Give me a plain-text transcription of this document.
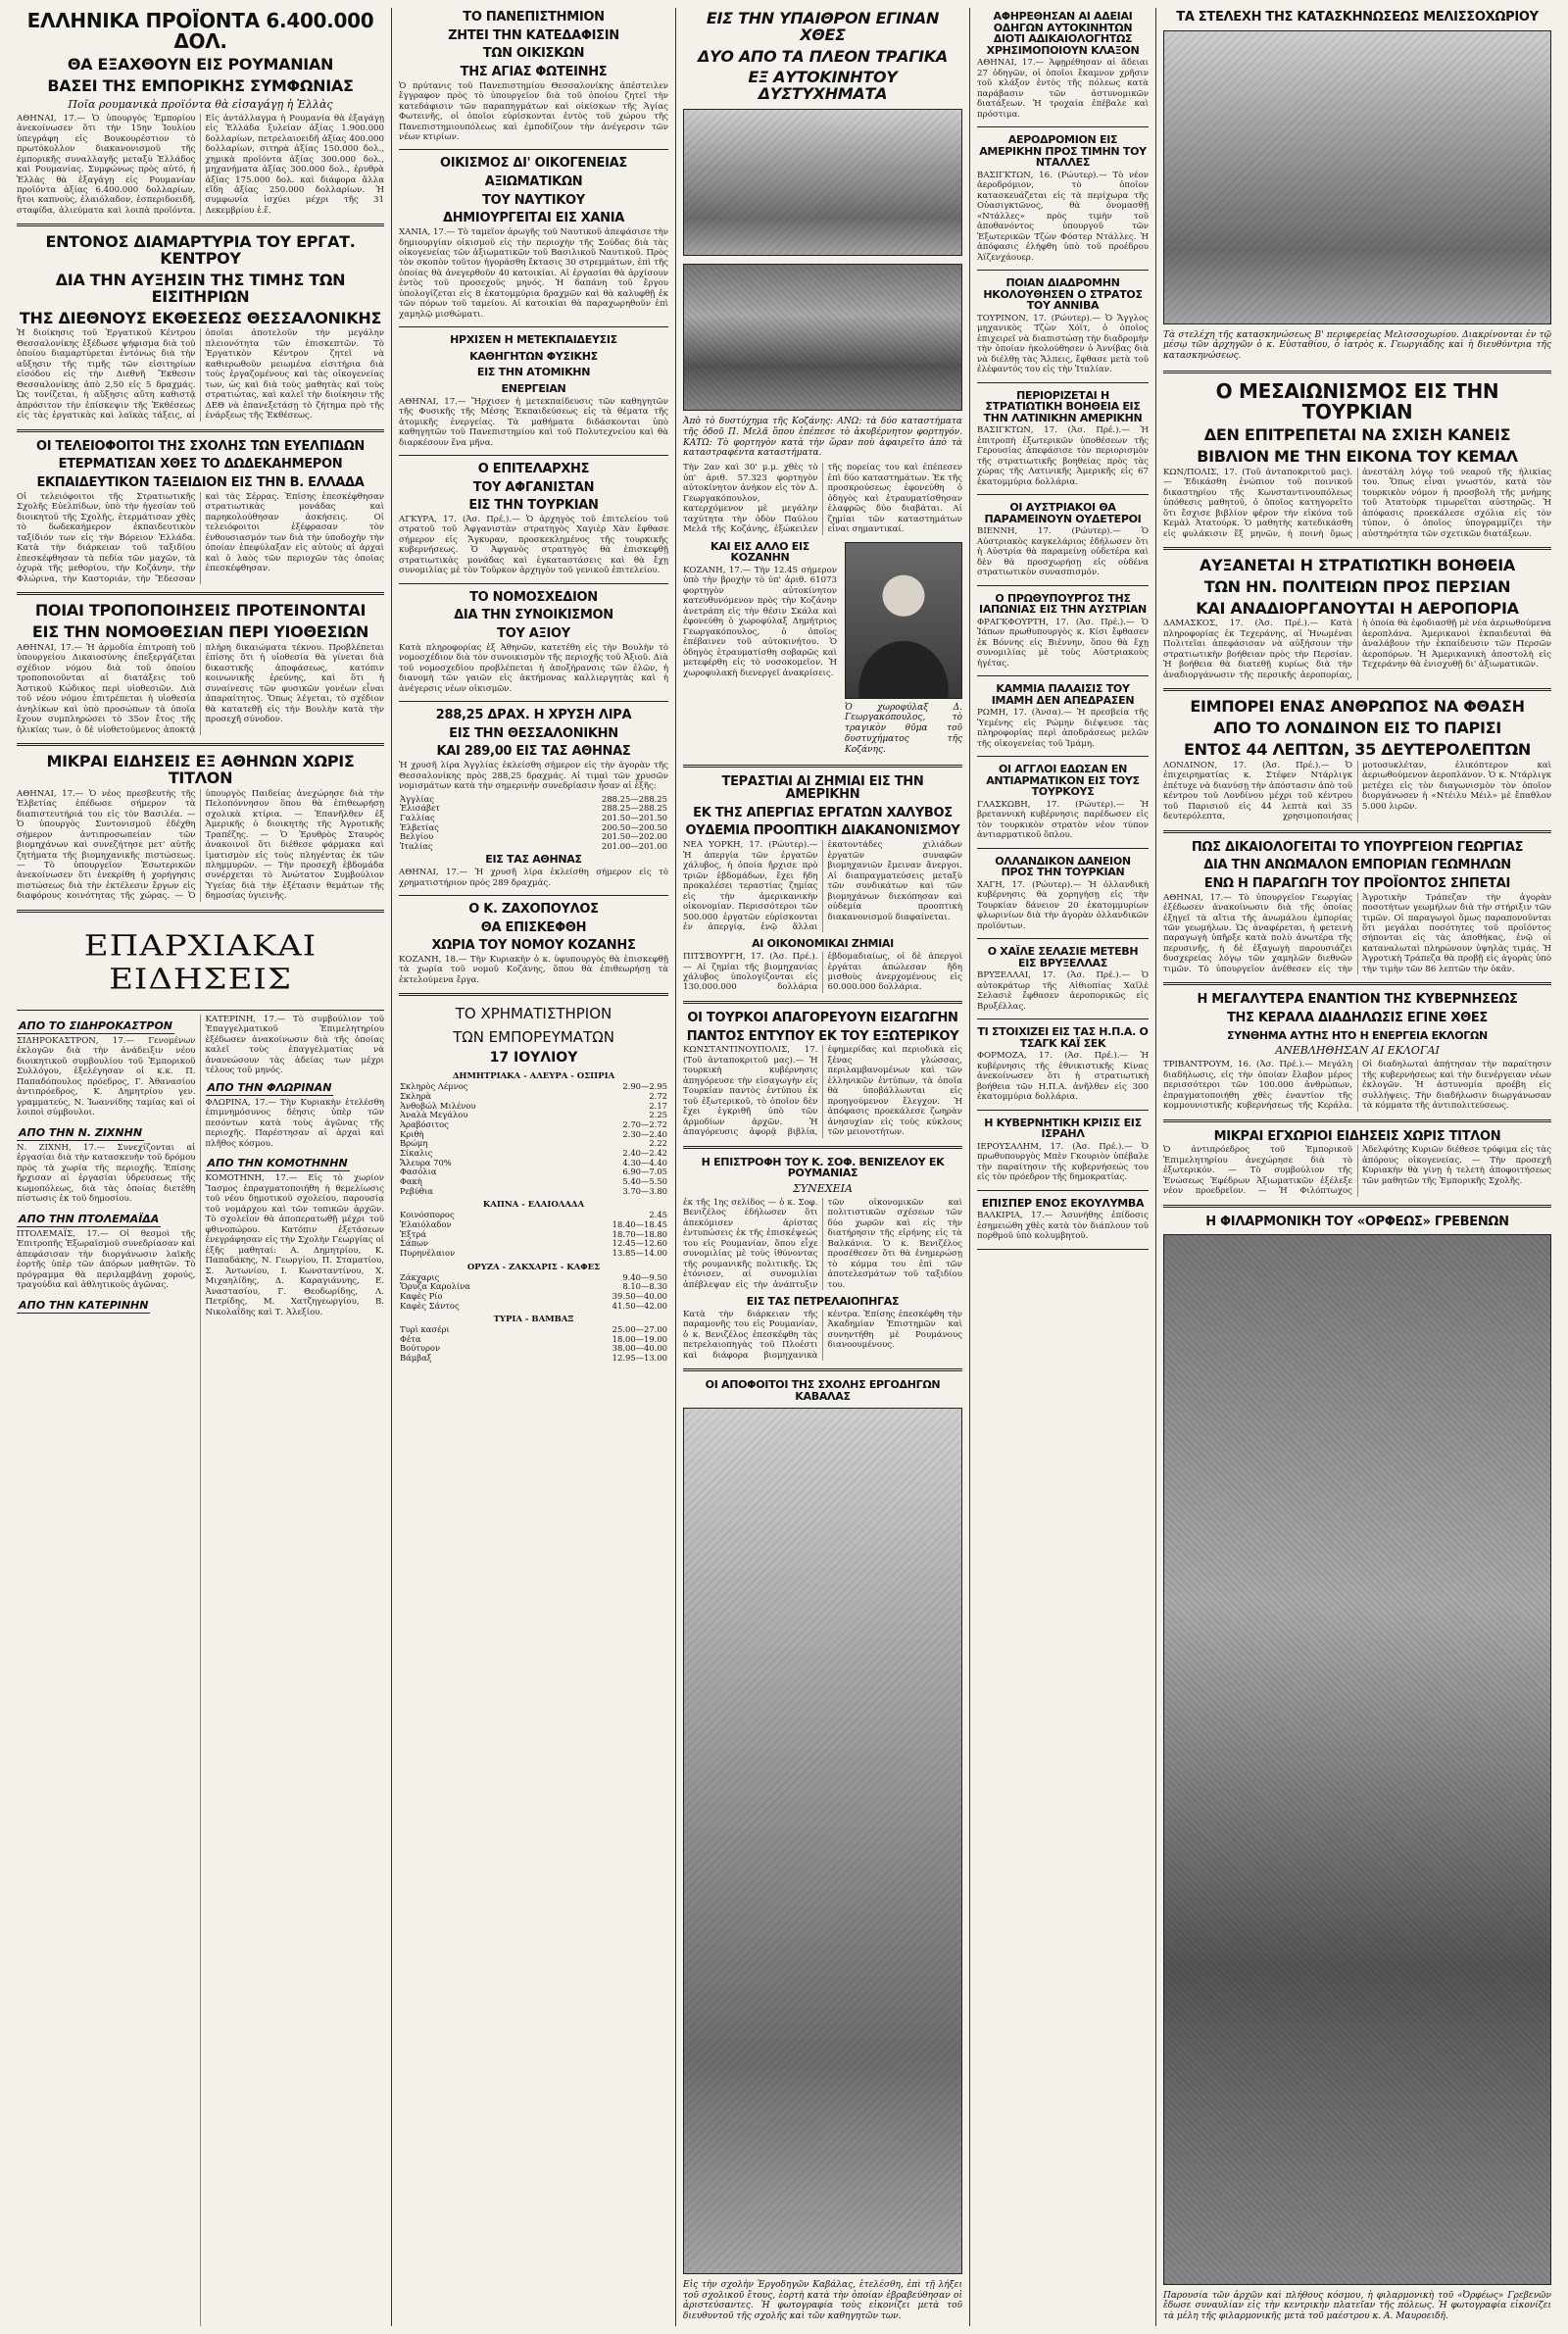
ΕΛΛΗΝΙΚΑ ΠΡΟΪΟΝΤΑ 6.400.000 ΔΟΛ.
ΘΑ ΕΞΑΧΘΟΥΝ ΕΙΣ ΡΟΥΜΑΝΙΑΝ
ΒΑΣΕΙ ΤΗΣ ΕΜΠΟΡΙΚΗΣ ΣΥΜΦΩΝΙΑΣ
Ποῖα ρουμανικὰ προϊόντα θὰ εἰσαγάγῃ ἡ Ἑλλὰς

ΑΘΗΝΑΙ, 17.— Ὁ ὑπουργὸς Ἐμπορίου ἀνεκοίνωσεν ὅτι τὴν 15ην Ἰουλίου ὑπεγράφη εἰς Βουκουρέστιον τὸ πρωτόκολλον διακανονισμοῦ τῆς ἐμπορικῆς συναλλαγῆς μεταξὺ Ἑλλάδος καὶ Ρουμανίας. Συμφώνως πρὸς αὐτό, ἡ Ἑλλὰς θὰ ἐξαγάγῃ εἰς Ρουμανίαν προϊόντα ἀξίας 6.400.000 δολλαρίων, ἤτοι καπνοὺς, ἐλαιόλαδον, ἐσπεριδοειδῆ, σταφίδα, ἀλιεύματα καὶ λοιπὰ προϊόντα. Εἰς ἀντάλλαγμα ἡ Ρουμανία θὰ ἐξαγάγῃ εἰς Ἑλλάδα ξυλείαν ἀξίας 1.900.000 δολλαρίων, πετρελαιοειδῆ ἀξίας 400.000 δολλαρίων, σιτηρὰ ἀξίας 150.000 δολ., χημικὰ προϊόντα ἀξίας 300.000 δολ., μηχανήματα ἀξίας 300.000 δολ., ἐρυθρὰ ἀξίας 175.000 δολ. καὶ διάφορα ἄλλα εἴδη ἀξίας 250.000 δολλαρίων. Ἡ συμφωνία ἰσχύει μέχρι τῆς 31 Δεκεμβρίου ἐ.ἔ.

ΕΝΤΟΝΟΣ ΔΙΑΜΑΡΤΥΡΙΑ ΤΟΥ ΕΡΓΑΤ. ΚΕΝΤΡΟΥ
ΔΙΑ ΤΗΝ ΑΥΞΗΣΙΝ ΤΗΣ ΤΙΜΗΣ ΤΩΝ ΕΙΣΙΤΗΡΙΩΝ
ΤΗΣ ΔΙΕΘΝΟΥΣ ΕΚΘΕΣΕΩΣ ΘΕΣΣΑΛΟΝΙΚΗΣ

Ἡ διοίκησις τοῦ Ἐργατικοῦ Κέντρου Θεσσαλονίκης ἐξέδωσε ψήφισμα διὰ τοῦ ὁποίου διαμαρτύρεται ἐντόνως διὰ τὴν αὔξησιν τῆς τιμῆς τῶν εἰσιτηρίων εἰσόδου εἰς τὴν Διεθνῆ Ἔκθεσιν Θεσσαλονίκης ἀπὸ 2,50 εἰς 5 δραχμάς. Ὡς τονίζεται, ἡ αὔξησις αὕτη καθιστᾷ ἀπρόσιτον τὴν ἐπίσκεψιν τῆς Ἐκθέσεως εἰς τὰς ἐργατικὰς καὶ λαϊκὰς τάξεις, αἱ ὁποῖαι ἀποτελοῦν τὴν μεγάλην πλειονότητα τῶν ἐπισκεπτῶν. Τὸ Ἐργατικὸν Κέντρον ζητεῖ νὰ καθιερωθοῦν μειωμένα εἰσιτήρια διὰ τοὺς ἐργαζομένους καὶ τὰς οἰκογενείας των, ὡς καὶ διὰ τοὺς μαθητὰς καὶ τοὺς στρατιώτας, καὶ καλεῖ τὴν διοίκησιν τῆς ΔΕΘ νὰ ἐπανεξετάσῃ τὸ ζήτημα πρὸ τῆς ἐνάρξεως τῆς Ἐκθέσεως.

ΟΙ ΤΕΛΕΙΟΦΟΙΤΟΙ ΤΗΣ ΣΧΟΛΗΣ ΤΩΝ ΕΥΕΛΠΙΔΩΝ
ΕΤΕΡΜΑΤΙΣΑΝ ΧΘΕΣ ΤΟ ΔΩΔΕΚΑΗΜΕΡΟΝ
ΕΚΠΑΙΔΕΥΤΙΚΟΝ ΤΑΞΕΙΔΙΟΝ ΕΙΣ ΤΗΝ Β. ΕΛΛΑΔΑ

Οἱ τελειόφοιτοι τῆς Στρατιωτικῆς Σχολῆς Εὐελπίδων, ὑπὸ τὴν ἡγεσίαν τοῦ διοικητοῦ τῆς Σχολῆς, ἐτερμάτισαν χθὲς τὸ δωδεκαήμερον ἐκπαιδευτικὸν ταξίδιόν των εἰς τὴν Βόρειον Ἑλλάδα. Κατὰ τὴν διάρκειαν τοῦ ταξιδίου ἐπεσκέφθησαν τὰ πεδία τῶν μαχῶν, τὰ ὀχυρὰ τῆς μεθορίου, τὴν Κοζάνην, τὴν Φλώρινα, τὴν Καστοριάν, τὴν Ἔδεσσαν καὶ τὰς Σέρρας. Ἐπίσης ἐπεσκέφθησαν στρατιωτικὰς μονάδας καὶ παρηκολούθησαν ἀσκήσεις. Οἱ τελειόφοιτοι ἐξέφρασαν τὸν ἐνθουσιασμόν των διὰ τὴν ὑποδοχὴν τὴν ὁποίαν ἐπεφύλαξαν εἰς αὐτοὺς αἱ ἀρχαὶ καὶ ὁ λαὸς τῶν περιοχῶν τὰς ὁποίας ἐπεσκέφθησαν.

ΠΟΙΑΙ ΤΡΟΠΟΠΟΙΗΣΕΙΣ ΠΡΟΤΕΙΝΟΝΤΑΙ
ΕΙΣ ΤΗΝ ΝΟΜΟΘΕΣΙΑΝ ΠΕΡΙ ΥΙΟΘΕΣΙΩΝ

ΑΘΗΝΑΙ, 17.— Ἡ ἁρμοδία ἐπιτροπὴ τοῦ ὑπουργείου Δικαιοσύνης ἐπεξεργάζεται σχέδιον νόμου διὰ τοῦ ὁποίου τροποποιοῦνται αἱ διατάξεις τοῦ Ἀστικοῦ Κώδικος περὶ υἱοθεσιῶν. Διὰ τοῦ νέου νόμου ἐπιτρέπεται ἡ υἱοθεσία ἀνηλίκων καὶ ὑπὸ προσώπων τὰ ὁποῖα ἔχουν συμπληρώσει τὸ 35ον ἔτος τῆς ἡλικίας των, ὁ δὲ υἱοθετούμενος ἀποκτᾷ πλήρη δικαιώματα τέκνου. Προβλέπεται ἐπίσης ὅτι ἡ υἱοθεσία θὰ γίνεται διὰ δικαστικῆς ἀποφάσεως, κατόπιν κοινωνικῆς ἐρεύνης, καὶ ὅτι ἡ συναίνεσις τῶν φυσικῶν γονέων εἶναι ἀπαραίτητος. Ὅπως λέγεται, τὸ σχέδιον θὰ κατατεθῇ εἰς τὴν Βουλὴν κατὰ τὴν προσεχῆ σύνοδον.

ΜΙΚΡΑΙ ΕΙΔΗΣΕΙΣ ΕΞ ΑΘΗΝΩΝ ΧΩΡΙΣ ΤΙΤΛΟΝ

ΑΘΗΝΑΙ, 17.— Ὁ νέος πρεσβευτὴς τῆς Ἑλβετίας ἐπέδωσε σήμερον τὰ διαπιστευτήριά του εἰς τὸν Βασιλέα. — Ὁ ὑπουργὸς Συντονισμοῦ ἐδέχθη σήμερον ἀντιπροσωπείαν τῶν βιομηχάνων καὶ συνεζήτησε μετ' αὐτῆς ζητήματα τῆς βιομηχανικῆς πιστώσεως. — Τὸ ὑπουργεῖον Ἐσωτερικῶν ἀνεκοίνωσεν ὅτι ἐνεκρίθη ἡ χορήγησις πιστώσεως διὰ τὴν ἐκτέλεσιν ἔργων εἰς διαφόρους κοινότητας τῆς χώρας. — Ὁ ὑπουργὸς Παιδείας ἀνεχώρησε διὰ τὴν Πελοπόννησον ὅπου θὰ ἐπιθεωρήσῃ σχολικὰ κτίρια. — Ἐπανῆλθεν ἐξ Ἀμερικῆς ὁ διοικητὴς τῆς Ἀγροτικῆς Τραπέζης. — Ὁ Ἐρυθρὸς Σταυρὸς ἀνακοινοῖ ὅτι διέθεσε φάρμακα καὶ ἰματισμὸν εἰς τοὺς πληγέντας ἐκ τῶν πλημμυρῶν. — Τὴν προσεχῆ ἑβδομάδα συνέρχεται τὸ Ἀνώτατον Συμβούλιον Ὑγείας διὰ τὴν ἐξέτασιν θεμάτων τῆς δημοσίας ὑγιεινῆς.

ΕΠΑΡΧΙΑΚΑΙ ΕΙΔΗΣΕΙΣ
ΑΠΟ ΤΟ ΣΙΔΗΡΟΚΑΣΤΡΟΝ

ΣΙΔΗΡΟΚΑΣΤΡΟΝ, 17.— Γενομένων ἐκλογῶν διὰ τὴν ἀνάδειξιν νέου διοικητικοῦ συμβουλίου τοῦ Ἐμπορικοῦ Συλλόγου, ἐξελέγησαν οἱ κ.κ. Π. Παπαδόπουλος πρόεδρος, Γ. Ἀθανασίου ἀντιπρόεδρος, Κ. Δημητρίου γεν. γραμματεύς, Ν. Ἰωαννίδης ταμίας καὶ οἱ λοιποὶ σύμβουλοι.

ΑΠΟ ΤΗΝ Ν. ΖΙΧΝΗΝ

Ν. ΖΙΧΝΗ, 17.— Συνεχίζονται αἱ ἐργασίαι διὰ τὴν κατασκευὴν τοῦ δρόμου πρὸς τὰ χωρία τῆς περιοχῆς. Ἐπίσης ἤρχισαν αἱ ἐργασίαι ὑδρεύσεως τῆς κωμοπόλεως, διὰ τὰς ὁποίας διετέθη πίστωσις ἐκ τοῦ δημοσίου.

ΑΠΟ ΤΗΝ ΠΤΟΛΕΜΑΪΔΑ

ΠΤΟΛΕΜΑΪΣ, 17.— Οἱ θεσμοὶ τῆς Ἐπιτροπῆς Ἐξωραϊσμοῦ συνεδρίασαν καὶ ἀπεφάσισαν τὴν διοργάνωσιν λαϊκῆς ἑορτῆς ὑπὲρ τῶν ἀπόρων μαθητῶν. Τὸ πρόγραμμα θὰ περιλαμβάνῃ χορούς, τραγούδια καὶ ἀθλητικοὺς ἀγῶνας.

ΑΠΟ ΤΗΝ ΚΑΤΕΡΙΝΗΝ

ΚΑΤΕΡΙΝΗ, 17.— Τὸ συμβούλιον τοῦ Ἐπαγγελματικοῦ Ἐπιμελητηρίου ἐξέδωσεν ἀνακοίνωσιν διὰ τῆς ὁποίας καλεῖ τοὺς ἐπαγγελματίας νὰ ἀνανεώσουν τὰς ἀδείας των μέχρι τέλους τοῦ μηνός.

ΑΠΟ ΤΗΝ ΦΛΩΡΙΝΑΝ

ΦΛΩΡΙΝΑ, 17.— Τὴν Κυριακὴν ἐτελέσθη ἐπιμνημόσυνος δέησις ὑπὲρ τῶν πεσόντων κατὰ τοὺς ἀγῶνας τῆς περιοχῆς. Παρέστησαν αἱ ἀρχαὶ καὶ πλῆθος κόσμου.

ΑΠΟ ΤΗΝ ΚΟΜΟΤΗΝΗΝ

ΚΟΜΟΤΗΝΗ, 17.— Εἰς τὸ χωρίον Ἴασμος ἐπραγματοποιήθη ἡ θεμελίωσις τοῦ νέου δημοτικοῦ σχολείου, παρουσίᾳ τοῦ νομάρχου καὶ τῶν τοπικῶν ἀρχῶν. Τὸ σχολεῖον θὰ ἀποπερατωθῇ μέχρι τοῦ φθινοπώρου. Κατόπιν ἐξετάσεων ἐνεγράφησαν εἰς τὴν Σχολὴν Γεωργίας οἱ ἑξῆς μαθηταί: Α. Δημητρίου, Κ. Παπαδάκης, Ν. Γεωργίου, Π. Σταματίου, Σ. Ἀντωνίου, Ι. Κωνσταντίνου, Χ. Μιχαηλίδης, Δ. Καραγιάννης, Ε. Ἀναστασίου, Γ. Θεοδωρίδης, Λ. Πετρίδης, Μ. Χατζηγεωργίου, Β. Νικολαΐδης καὶ Τ. Ἀλεξίου.

ΤΟ ΠΑΝΕΠΙΣΤΗΜΙΟΝ
ΖΗΤΕΙ ΤΗΝ ΚΑΤΕΔΑΦΙΣΙΝ
ΤΩΝ ΟΙΚΙΣΚΩΝ
ΤΗΣ ΑΓΙΑΣ ΦΩΤΕΙΝΗΣ

Ὁ πρύτανις τοῦ Πανεπιστημίου Θεσσαλονίκης ἀπέστειλεν ἔγγραφον πρὸς τὸ ὑπουργεῖον διὰ τοῦ ὁποίου ζητεῖ τὴν κατεδάφισιν τῶν παραπηγμάτων καὶ οἰκίσκων τῆς Ἁγίας Φωτεινῆς, οἱ ὁποῖοι εὑρίσκονται ἐντὸς τοῦ χώρου τῆς Πανεπιστημιουπόλεως καὶ ἐμποδίζουν τὴν ἀνέγερσιν τῶν νέων κτιρίων.

ΟΙΚΙΣΜΟΣ ΔΙ' ΟΙΚΟΓΕΝΕΙΑΣ
ΑΞΙΩΜΑΤΙΚΩΝ
ΤΟΥ ΝΑΥΤΙΚΟΥ
ΔΗΜΙΟΥΡΓΕΙΤΑΙ ΕΙΣ ΧΑΝΙΑ

ΧΑΝΙΑ, 17.— Τὸ ταμεῖον ἀρωγῆς τοῦ Ναυτικοῦ ἀπεφάσισε τὴν δημιουργίαν οἰκισμοῦ εἰς τὴν περιοχὴν τῆς Σούδας διὰ τὰς οἰκογενείας τῶν ἀξιωματικῶν τοῦ Βασιλικοῦ Ναυτικοῦ. Πρὸς τὸν σκοπὸν τοῦτον ἠγοράσθη ἔκτασις 30 στρεμμάτων, ἐπὶ τῆς ὁποίας θὰ ἀνεγερθοῦν 40 κατοικίαι. Αἱ ἐργασίαι θὰ ἀρχίσουν ἐντὸς τοῦ προσεχοῦς μηνός. Ἡ δαπάνη τοῦ ἔργου ὑπολογίζεται εἰς 8 ἑκατομμύρια δραχμῶν καὶ θὰ καλυφθῇ ἐκ τῶν πόρων τοῦ ταμείου. Αἱ κατοικίαι θὰ παραχωρηθοῦν ἐπὶ χαμηλῷ μισθώματι.

ΗΡΧΙΣΕΝ Η ΜΕΤΕΚΠΑΙΔΕΥΣΙΣ
ΚΑΘΗΓΗΤΩΝ ΦΥΣΙΚΗΣ
ΕΙΣ ΤΗΝ ΑΤΟΜΙΚΗΝ
ΕΝΕΡΓΕΙΑΝ

ΑΘΗΝΑΙ, 17.— Ἤρχισεν ἡ μετεκπαίδευσις τῶν καθηγητῶν τῆς Φυσικῆς τῆς Μέσης Ἐκπαιδεύσεως εἰς τὰ θέματα τῆς ἀτομικῆς ἐνεργείας. Τὰ μαθήματα διδάσκονται ὑπὸ καθηγητῶν τοῦ Πανεπιστημίου καὶ τοῦ Πολυτεχνείου καὶ θὰ διαρκέσουν ἕνα μῆνα.

Ο ΕΠΙΤΕΛΑΡΧΗΣ
ΤΟΥ ΑΦΓΑΝΙΣΤΑΝ
ΕΙΣ ΤΗΝ ΤΟΥΡΚΙΑΝ

ΑΓΚΥΡΑ, 17. (Ἀσ. Πρέ.).— Ὁ ἀρχηγὸς τοῦ ἐπιτελείου τοῦ στρατοῦ τοῦ Ἀφγανιστὰν στρατηγὸς Χαγιὲρ Χὰν ἔφθασε σήμερον εἰς Ἄγκυραν, προσκεκλημένος τῆς τουρκικῆς κυβερνήσεως. Ὁ Ἀφγανὸς στρατηγὸς θὰ ἐπισκεφθῇ στρατιωτικὰς μονάδας καὶ ἐγκαταστάσεις καὶ θὰ ἔχῃ συνομιλίας μὲ τὸν Τοῦρκον ἀρχηγὸν τοῦ γενικοῦ ἐπιτελείου.

ΤΟ ΝΟΜΟΣΧΕΔΙΟΝ
ΔΙΑ ΤΗΝ ΣΥΝΟΙΚΙΣΜΟΝ
ΤΟΥ ΑΞΙΟΥ

Κατὰ πληροφορίας ἐξ Ἀθηνῶν, κατετέθη εἰς τὴν Βουλὴν τὸ νομοσχέδιον διὰ τὸν συνοικισμὸν τῆς περιοχῆς τοῦ Ἀξιοῦ. Διὰ τοῦ νομοσχεδίου προβλέπεται ἡ ἀποξήρανσις τῶν ἑλῶν, ἡ διανομὴ τῶν γαιῶν εἰς ἀκτήμονας καλλιεργητὰς καὶ ἡ ἀνέγερσις νέων οἰκισμῶν.

288,25 ΔΡΑΧ. Η ΧΡΥΣΗ ΛΙΡΑ
ΕΙΣ ΤΗΝ ΘΕΣΣΑΛΟΝΙΚΗΝ
ΚΑΙ 289,00 ΕΙΣ ΤΑΣ ΑΘΗΝΑΣ

Ἡ χρυσῆ λίρα Ἀγγλίας ἐκλείσθη σήμερον εἰς τὴν ἀγορὰν τῆς Θεσσαλονίκης πρὸς 288,25 δραχμάς. Αἱ τιμαὶ τῶν χρυσῶν νομισμάτων κατὰ τὴν σημερινὴν συνεδρίασιν ἦσαν αἱ ἑξῆς:

Ἀγγλίας	288.25—288.25
Ἐλισάβετ	288.25—288.25
Γαλλίας	201.50—201.50
Ἑλβετίας	200.50—200.50
Βελγίου	201.50—202.00
Ἰταλίας	201.00—201.00
ΕΙΣ ΤΑΣ ΑΘΗΝΑΣ

ΑΘΗΝΑΙ, 17.— Ἡ χρυσῆ λίρα ἐκλείσθη σήμερον εἰς τὸ χρηματιστήριον πρὸς 289 δραχμάς.

Ο Κ. ΖΑΧΟΠΟΥΛΟΣ
ΘΑ ΕΠΙΣΚΕΦΘΗ
ΧΩΡΙΑ ΤΟΥ ΝΟΜΟΥ ΚΟΖΑΝΗΣ

ΚΟΖΑΝΗ, 18.— Τὴν Κυριακὴν ὁ κ. ὑφυπουργὸς θὰ ἐπισκεφθῇ τὰ χωρία τοῦ νομοῦ Κοζάνης, ὅπου θὰ ἐπιθεωρήσῃ τὰ ἐκτελούμενα ἔργα.

ΤΟ ΧΡΗΜΑΤΙΣΤΗΡΙΟΝ
ΤΩΝ ΕΜΠΟΡΕΥΜΑΤΩΝ
17 ΙΟΥΛΙΟΥ
ΔΗΜΗΤΡΙΑΚΑ - ΑΛΕΥΡΑ - ΟΣΠΡΙΑ
Σκληρὸς Λέμνος	2.90—2.95
Σκληρὰ	2.72
Ἀνθοβώλ Μιλένου	2.17
Ἀναλὰ Μεγάλου	2.25
Ἀραβόσιτος	2.70—2.72
Κριθὴ	2.30—2.40
Βρώμη	2.22
Σίκαλις	2.40—2.42
Ἄλευρα 70%	4.30—4.40
Φασόλια	6.90—7.05
Φακὴ	5.40—5.50
Ρεβύθια	3.70—3.80
ΚΑΠΝΑ - ΕΛΑΙΟΛΑΔΑ
Κοινόσπορος	2.45
Ἐλαιόλαδον	18.40—18.45
Ἐξτρά	18.70—18.80
Σάπων	12.45—12.60
Πυρηνέλαιον	13.85—14.00
ΟΡΥΖΑ - ΖΑΚΧΑΡΙΣ - ΚΑΦΕΣ
Ζάκχαρις	9.40—9.50
Ὄρυζα Καρολίνα	8.10—8.30
Καφὲς Ρίο	39.50—40.00
Καφὲς Σάντος	41.50—42.00
ΤΥΡΙΑ - ΒΑΜΒΑΞ
Τυρὶ κασέρι	25.00—27.00
Φέτα	18.00—19.00
Βούτυρον	38.00—40.00
Βάμβαξ	12.95—13.00
ΕΙΣ ΤΗΝ ΥΠΑΙΘΡΟΝ ΕΓΙΝΑΝ ΧΘΕΣ
ΔΥΟ ΑΠΟ ΤΑ ΠΛΕΟΝ ΤΡΑΓΙΚΑ
ΕΞ ΑΥΤΟΚΙΝΗΤΟΥ ΔΥΣΤΥΧΗΜΑΤΑ
Ἀπὸ τὸ δυστύχημα τῆς Κοζάνης: ΑΝΩ: τὰ δύο καταστήματα τῆς ὁδοῦ Π. Μελᾶ ὅπου ἐπέπεσε τὸ ἀκυβέρνητον φορτηγόν. ΚΑΤΩ: Τὸ φορτηγὸν κατὰ τὴν ὥραν ποὺ ἀφαιρεῖτο ἀπὸ τὰ καταστραφέντα καταστήματα.

Τὴν 2αν καὶ 30' μ.μ. χθὲς τὸ ὑπ' ἀριθ. 57.323 φορτηγὸν αὐτοκίνητον ἀνήκον εἰς τὸν Δ. Γεωργακόπουλον, κατερχόμενον μὲ μεγάλην ταχύτητα τὴν ὁδὸν Παύλου Μελᾶ τῆς Κοζάνης, ἐξώκειλεν τῆς πορείας του καὶ ἐπέπεσεν ἐπὶ δύο καταστημάτων. Ἐκ τῆς προσκρούσεως ἐφονεύθη ὁ ὁδηγὸς καὶ ἐτραυματίσθησαν ἐλαφρῶς δύο διαβάται. Αἱ ζημίαι τῶν καταστημάτων εἶναι σημαντικαί.

ΚΑΙ ΕΙΣ ΑΛΛΟ ΕΙΣ ΚΟΖΑΝΗΝ

ΚΟΖΑΝΗ, 17.— Τὴν 12.45 σήμερον ὑπὸ τὴν βροχὴν τὸ ὑπ' ἀριθ. 61073 φορτηγὸν αὐτοκίνητον κατευθυνόμενον πρὸς τὴν Κοζάνην ἀνετράπη εἰς τὴν θέσιν Σκάλα καὶ ἐφονεύθη ὁ χωροφύλαξ Δημήτριος Γεωργακόπουλος, ὁ ὁποῖος ἐπέβαινεν τοῦ αὐτοκινήτου. Ὁ ὁδηγὸς ἐτραυματίσθη σοβαρῶς καὶ μετεφέρθη εἰς τὸ νοσοκομεῖον. Ἡ χωροφυλακὴ διενεργεῖ ἀνακρίσεις.

Ὁ χωροφύλαξ Δ. Γεωργακόπουλος, τὸ τραγικὸν θῦμα τοῦ δυστυχήματος τῆς Κοζάνης.
ΤΕΡΑΣΤΙΑΙ ΑΙ ΖΗΜΙΑΙ ΕΙΣ ΤΗΝ ΑΜΕΡΙΚΗΝ
ΕΚ ΤΗΣ ΑΠΕΡΓΙΑΣ ΕΡΓΑΤΩΝ ΧΑΛΥΒΟΣ
ΟΥΔΕΜΙΑ ΠΡΟΟΠΤΙΚΗ ΔΙΑΚΑΝΟΝΙΣΜΟΥ

ΝΕΑ ΥΟΡΚΗ, 17. (Ρώυτερ).— Ἡ ἀπεργία τῶν ἐργατῶν χάλυβος, ἡ ὁποία ἤρχισε πρὸ τριῶν ἑβδομάδων, ἔχει ἤδη προκαλέσει τεραστίας ζημίας εἰς τὴν ἀμερικανικὴν οἰκονομίαν. Περισσότεροι τῶν 500.000 ἐργατῶν εὑρίσκονται ἐν ἀπεργίᾳ, ἐνῷ ἄλλαι ἑκατοντάδες χιλιάδων ἐργατῶν συναφῶν βιομηχανιῶν ἔμειναν ἄνεργοι. Αἱ διαπραγματεύσεις μεταξὺ τῶν συνδικάτων καὶ τῶν βιομηχάνων διεκόπησαν καὶ οὐδεμία προοπτικὴ διακανονισμοῦ διαφαίνεται.

ΑΙ ΟΙΚΟΝΟΜΙΚΑΙ ΖΗΜΙΑΙ

ΠΙΤΣΒΟΥΡΓΗ, 17. (Ἀσ. Πρέ.).— Αἱ ζημίαι τῆς βιομηχανίας χάλυβος ὑπολογίζονται εἰς 130.000.000 δολλάρια ἑβδομαδιαίως, οἱ δὲ ἀπεργοὶ ἐργάται ἀπώλεσαν ἤδη μισθοὺς ἀνερχομένους εἰς 60.000.000 δολλάρια.

ΟΙ ΤΟΥΡΚΟΙ ΑΠΑΓΟΡΕΥΟΥΝ ΕΙΣΑΓΩΓΗΝ
ΠΑΝΤΟΣ ΕΝΤΥΠΟΥ ΕΚ ΤΟΥ ΕΞΩΤΕΡΙΚΟΥ

ΚΩΝΣΤΑΝΤΙΝΟΥΠΟΛΙΣ, 17. (Τοῦ ἀνταποκριτοῦ μας).— Ἡ τουρκικὴ κυβέρνησις ἀπηγόρευσε τὴν εἰσαγωγὴν εἰς Τουρκίαν παντὸς ἐντύπου ἐκ τοῦ ἐξωτερικοῦ, τὸ ὁποῖον δὲν ἔχει ἐγκριθῆ ὑπὸ τῶν ἁρμοδίων ἀρχῶν. Ἡ ἀπαγόρευσις ἀφορᾷ βιβλία, ἐφημερίδας καὶ περιοδικὰ εἰς ξένας γλώσσας, περιλαμβανομένων καὶ τῶν ἑλληνικῶν ἐντύπων, τὰ ὁποῖα θὰ ὑποβάλλωνται εἰς προηγούμενον ἔλεγχον. Ἡ ἀπόφασις προεκάλεσε ζωηρὰν ἀνησυχίαν εἰς τοὺς κύκλους τῶν μειονοτήτων.

Η ΕΠΙΣΤΡΟΦΗ ΤΟΥ Κ. ΣΟΦ. ΒΕΝΙΖΕΛΟΥ ΕΚ ΡΟΥΜΑΝΙΑΣ
ΣΥΝΕΧΕΙΑ

ἐκ τῆς 1ης σελίδος — ὁ κ. Σοφ. Βενιζέλος ἐδήλωσεν ὅτι ἀπεκόμισεν ἀρίστας ἐντυπώσεις ἐκ τῆς ἐπισκέψεώς του εἰς Ρουμανίαν, ὅπου εἶχε συνομιλίας μὲ τοὺς ἰθύνοντας τῆς ρουμανικῆς πολιτικῆς. Ὡς ἐτόνισεν, αἱ συνομιλίαι ἀπέβλεψαν εἰς τὴν ἀνάπτυξιν τῶν οἰκονομικῶν καὶ πολιτιστικῶν σχέσεων τῶν δύο χωρῶν καὶ εἰς τὴν διατήρησιν τῆς εἰρήνης εἰς τὰ Βαλκάνια. Ὁ κ. Βενιζέλος προσέθεσεν ὅτι θὰ ἐνημερώσῃ τὸ κόμμα του ἐπὶ τῶν ἀποτελεσμάτων τοῦ ταξιδίου του.

ΕΙΣ ΤΑΣ ΠΕΤΡΕΛΑΙΟΠΗΓΑΣ

Κατὰ τὴν διάρκειαν τῆς παραμονῆς του εἰς Ρουμανίαν, ὁ κ. Βενιζέλος ἐπεσκέφθη τὰς πετρελαιοπηγὰς τοῦ Πλοέστι καὶ διάφορα βιομηχανικὰ κέντρα. Ἐπίσης ἐπεσκέφθη τὴν Ἀκαδημίαν Ἐπιστημῶν καὶ συνηντήθη μὲ Ρουμάνους διανοουμένους.

ΟΙ ΑΠΟΦΟΙΤΟΙ ΤΗΣ ΣΧΟΛΗΣ ΕΡΓΟΔΗΓΩΝ ΚΑΒΑΛΑΣ
Εἰς τὴν σχολὴν Ἐργοδηγῶν Καβάλας, ἐτελέσθη, ἐπὶ τῇ λήξει τοῦ σχολικοῦ ἔτους, ἑορτὴ κατὰ τὴν ὁποίαν ἐβραβεύθησαν οἱ ἀριστεύσαντες. Ἡ φωτογραφία τοὺς εἰκονίζει μετὰ τοῦ διευθυντοῦ τῆς σχολῆς καὶ τῶν καθηγητῶν των.
ΑΦΗΡΕΘΗΣΑΝ ΑΙ ΑΔΕΙΑΙ ΟΔΗΓΩΝ ΑΥΤΟΚΙΝΗΤΩΝ ΔΙΟΤΙ ΑΔΙΚΑΙΟΛΟΓΗΤΩΣ ΧΡΗΣΙΜΟΠΟΙΟΥΝ ΚΛΑΞΟΝ

ΑΘΗΝΑΙ, 17.— Ἀφῃρέθησαν αἱ ἄδειαι 27 ὁδηγῶν, οἱ ὁποῖοι ἔκαμνον χρῆσιν τοῦ κλάξον ἐντὸς τῆς πόλεως κατὰ παράβασιν τῶν ἀστυνομικῶν διατάξεων. Ἡ τροχαία ἐπέβαλε καὶ πρόστιμα.

ΑΕΡΟΔΡΟΜΙΟΝ ΕΙΣ ΑΜΕΡΙΚΗΝ ΠΡΟΣ ΤΙΜΗΝ ΤΟΥ ΝΤΑΛΛΕΣ

ΒΑΣΙΓΚΤΩΝ, 16. (Ρώυτερ).— Τὸ νέον ἀεροδρόμιον, τὸ ὁποῖον κατασκευάζεται εἰς τὰ περίχωρα τῆς Οὐασιγκτῶνος, θὰ ὀνομασθῇ «Ντάλλες» πρὸς τιμὴν τοῦ ἀποθανόντος ὑπουργοῦ τῶν Ἐξωτερικῶν Τζὼν Φόστερ Ντάλλες. Ἡ ἀπόφασις ἐλήφθη ὑπὸ τοῦ προέδρου Ἀϊζενχάουερ.

ΠΟΙΑΝ ΔΙΑΔΡΟΜΗΝ ΗΚΟΛΟΥΘΗΣΕΝ Ο ΣΤΡΑΤΟΣ ΤΟΥ ΑΝΝΙΒΑ

ΤΟΥΡΙΝΟΝ, 17. (Ρώυτερ).— Ὁ Ἄγγλος μηχανικὸς Τζὼν Χόϊτ, ὁ ὁποῖος ἐπιχειρεῖ νὰ διαπιστώσῃ τὴν διαδρομὴν τὴν ὁποίαν ἠκολούθησεν ὁ Ἀννίβας διὰ νὰ διέλθῃ τὰς Ἄλπεις, ἔφθασε μετὰ τοῦ ἐλέφαντός του εἰς τὴν Ἰταλίαν.

ΠΕΡΙΟΡΙΖΕΤΑΙ Η ΣΤΡΑΤΙΩΤΙΚΗ ΒΟΗΘΕΙΑ ΕΙΣ ΤΗΝ ΛΑΤΙΝΙΚΗΝ ΑΜΕΡΙΚΗΝ

ΒΑΣΙΓΚΤΩΝ, 17. (Ἀσ. Πρέ.).— Ἡ ἐπιτροπὴ ἐξωτερικῶν ὑποθέσεων τῆς Γερουσίας ἀπεφάσισε τὸν περιορισμὸν τῆς στρατιωτικῆς βοηθείας πρὸς τὰς χώρας τῆς Λατινικῆς Ἀμερικῆς εἰς 67 ἑκατομμύρια δολλάρια.

ΟΙ ΑΥΣΤΡΙΑΚΟΙ ΘΑ ΠΑΡΑΜΕΙΝΟΥΝ ΟΥΔΕΤΕΡΟΙ

ΒΙΕΝΝΗ, 17. (Ρώυτερ).— Ὁ Αὐστριακὸς καγκελάριος ἐδήλωσεν ὅτι ἡ Αὐστρία θὰ παραμείνῃ οὐδετέρα καὶ δὲν θὰ προσχωρήσῃ εἰς οὐδένα στρατιωτικὸν συνασπισμόν.

Ο ΠΡΩΘΥΠΟΥΡΓΟΣ ΤΗΣ ΙΑΠΩΝΙΑΣ ΕΙΣ ΤΗΝ ΑΥΣΤΡΙΑΝ

ΦΡΑΓΚΦΟΥΡΤΗ, 17. (Ἀσ. Πρέ.).— Ὁ Ἰάπων πρωθυπουργὸς κ. Κίσι ἔφθασεν ἐκ Βόννης εἰς Βιέννην, ὅπου θὰ ἔχῃ συνομιλίας μὲ τοὺς Αὐστριακοὺς ἡγέτας.

ΚΑΜΜΙΑ ΠΑΛΑΙΣΙΣ ΤΟΥ ΙΜΑΜΗ ΔΕΝ ΑΠΕΔΡΑΣΕΝ

ΡΩΜΗ, 17. (Ἀνσα).— Ἡ πρεσβεία τῆς Ὑεμένης εἰς Ρώμην διέψευσε τὰς πληροφορίας περὶ ἀποδράσεως μελῶν τῆς οἰκογενείας τοῦ Ἰμάμη.

ΟΙ ΑΓΓΛΟΙ ΕΔΩΣΑΝ ΕΝ ΑΝΤΙΑΡΜΑΤΙΚΟΝ ΕΙΣ ΤΟΥΣ ΤΟΥΡΚΟΥΣ

ΓΛΑΣΚΩΒΗ, 17. (Ρώυτερ).— Ἡ βρεταννικὴ κυβέρνησις παρέδωσεν εἰς τὸν τουρκικὸν στρατὸν νέον τύπον ἀντιαρματικοῦ ὅπλου.

ΟΛΛΑΝΔΙΚΟΝ ΔΑΝΕΙΟΝ ΠΡΟΣ ΤΗΝ ΤΟΥΡΚΙΑΝ

ΧΑΓΗ, 17. (Ρώυτερ).— Ἡ ὁλλανδικὴ κυβέρνησις θὰ χορηγήσῃ εἰς τὴν Τουρκίαν δάνειον 20 ἑκατομμυρίων φλωρινίων διὰ τὴν ἀγορὰν ὁλλανδικῶν προϊόντων.

Ο ΧΑΪΛΕ ΣΕΛΑΣΙΕ ΜΕΤΕΒΗ ΕΙΣ ΒΡΥΞΕΛΛΑΣ

ΒΡΥΞΕΛΛΑΙ, 17. (Ἀσ. Πρέ.).— Ὁ αὐτοκράτωρ τῆς Αἰθιοπίας Χαϊλὲ Σελασιὲ ἔφθασεν ἀεροπορικῶς εἰς Βρυξέλλας.

ΤΙ ΣΤΟΙΧΙΖΕΙ ΕΙΣ ΤΑΣ Η.Π.Α. Ο ΤΣΑΓΚ ΚΑΪ ΣΕΚ

ΦΟΡΜΟΖΑ, 17. (Ἀσ. Πρέ.).— Ἡ κυβέρνησις τῆς ἐθνικιστικῆς Κίνας ἀνεκοίνωσεν ὅτι ἡ στρατιωτικὴ βοήθεια τῶν Η.Π.Α. ἀνῆλθεν εἰς 300 ἑκατομμύρια δολλάρια.

Η ΚΥΒΕΡΝΗΤΙΚΗ ΚΡΙΣΙΣ ΕΙΣ ΙΣΡΑΗΛ

ΙΕΡΟΥΣΑΛΗΜ, 17. (Ἀσ. Πρέ.).— Ὁ πρωθυπουργὸς Μπὲν Γκουριὸν ὑπέβαλε τὴν παραίτησιν τῆς κυβερνήσεώς του εἰς τὸν πρόεδρον τῆς δημοκρατίας.

ΕΠΙΣΠΕΡ ΕΝΟΣ ΕΚΟΥΛΥΜΒΑ

ΒΑΛΚΙΡΙΑ, 17.— Ἀσυνήθης ἐπίδοσις ἐσημειώθη χθὲς κατὰ τὸν διάπλουν τοῦ πορθμοῦ ὑπὸ κολυμβητοῦ.

ΤΑ ΣΤΕΛΕΧΗ ΤΗΣ ΚΑΤΑΣΚΗΝΩΣΕΩΣ ΜΕΛΙΣΣΟΧΩΡΙΟΥ
Τὰ στελέχη τῆς κατασκηνώσεως Β' περιφερείας Μελισσοχωρίου. Διακρίνονται ἐν τῷ μέσῳ τῶν ἀρχηγῶν ὁ κ. Εὐσταθίου, ὁ ἰατρὸς κ. Γεωργιάδης καὶ ἡ διευθύντρια τῆς κατασκηνώσεως.
Ο ΜΕΣΑΙΩΝΙΣΜΟΣ ΕΙΣ ΤΗΝ ΤΟΥΡΚΙΑΝ
ΔΕΝ ΕΠΙΤΡΕΠΕΤΑΙ ΝΑ ΣΧΙΣΗ ΚΑΝΕΙΣ
ΒΙΒΛΙΟΝ ΜΕ ΤΗΝ ΕΙΚΟΝΑ ΤΟΥ ΚΕΜΑΛ

ΚΩΝ/ΠΟΛΙΣ, 17. (Τοῦ ἀνταποκριτοῦ μας).— Ἐδικάσθη ἐνώπιον τοῦ ποινικοῦ δικαστηρίου τῆς Κωνσταντινουπόλεως ὑπόθεσις μαθητοῦ, ὁ ὁποῖος κατηγορεῖτο ὅτι ἔσχισε βιβλίον φέρον τὴν εἰκόνα τοῦ Κεμὰλ Ἀτατούρκ. Ὁ μαθητὴς κατεδικάσθη εἰς φυλάκισιν ἕξ μηνῶν, ἡ ποινὴ ὅμως ἀνεστάλη λόγῳ τοῦ νεαροῦ τῆς ἡλικίας του. Ὅπως εἶναι γνωστόν, κατὰ τὸν τουρκικὸν νόμον ἡ προσβολὴ τῆς μνήμης τοῦ Ἀτατοὺρκ τιμωρεῖται αὐστηρῶς. Ἡ ἀπόφασις προεκάλεσε σχόλια εἰς τὸν τύπον, ὁ ὁποῖος ὑπογραμμίζει τὴν αὐστηρότητα τῶν σχετικῶν διατάξεων.

ΑΥΞΑΝΕΤΑΙ Η ΣΤΡΑΤΙΩΤΙΚΗ ΒΟΗΘΕΙΑ
ΤΩΝ ΗΝ. ΠΟΛΙΤΕΙΩΝ ΠΡΟΣ ΠΕΡΣΙΑΝ
ΚΑΙ ΑΝΑΔΙΟΡΓΑΝΟΥΤΑΙ Η ΑΕΡΟΠΟΡΙΑ

ΔΑΜΑΣΚΟΣ, 17. (Ἀσ. Πρέ.).— Κατὰ πληροφορίας ἐκ Τεχεράνης, αἱ Ἡνωμέναι Πολιτεῖαι ἀπεφάσισαν νὰ αὐξήσουν τὴν στρατιωτικὴν βοήθειαν πρὸς τὴν Περσίαν. Ἡ βοήθεια θὰ διατεθῇ κυρίως διὰ τὴν ἀναδιοργάνωσιν τῆς περσικῆς ἀεροπορίας, ἡ ὁποία θὰ ἐφοδιασθῇ μὲ νέα ἀεριωθούμενα ἀεροπλάνα. Ἀμερικανοὶ ἐκπαιδευταὶ θὰ ἀναλάβουν τὴν ἐκπαίδευσιν τῶν Περσῶν ἀεροπόρων. Ἡ Ἀμερικανικὴ ἀποστολὴ εἰς Τεχεράνην θὰ ἐνισχυθῇ δι' ἀξιωματικῶν.

ΕΙΜΠΟΡΕΙ ΕΝΑΣ ΑΝΘΡΩΠΟΣ ΝΑ ΦΘΑΣΗ
ΑΠΟ ΤΟ ΛΟΝΔΙΝΟΝ ΕΙΣ ΤΟ ΠΑΡΙΣΙ
ΕΝΤΟΣ 44 ΛΕΠΤΩΝ, 35 ΔΕΥΤΕΡΟΛΕΠΤΩΝ

ΛΟΝΔΙΝΟΝ, 17. (Ἀσ. Πρέ.).— Ὁ ἐπιχειρηματίας κ. Στέφεν Ντάρλιγκ ἐπέτυχε νὰ διανύσῃ τὴν ἀπόστασιν ἀπὸ τοῦ κέντρου τοῦ Λονδίνου μέχρι τοῦ κέντρου τοῦ Παρισιοῦ εἰς 44 λεπτὰ καὶ 35 δευτερόλεπτα, χρησιμοποιήσας μοτοσυκλέταν, ἑλικόπτερον καὶ ἀεριωθούμενον ἀεροπλάνον. Ὁ κ. Ντάρλιγκ μετέχει εἰς τὸν διαγωνισμὸν τὸν ὁποῖον διοργάνωσεν ἡ «Ντέιλυ Μέιλ» μὲ ἔπαθλον 5.000 λιρῶν.

ΠΩΣ ΔΙΚΑΙΟΛΟΓΕΙΤΑΙ ΤΟ ΥΠΟΥΡΓΕΙΟΝ ΓΕΩΡΓΙΑΣ
ΔΙΑ ΤΗΝ ΑΝΩΜΑΛΟΝ ΕΜΠΟΡΙΑΝ ΓΕΩΜΗΛΩΝ
ΕΝΩ Η ΠΑΡΑΓΩΓΗ ΤΟΥ ΠΡΟΪΟΝΤΟΣ ΣΗΠΕΤΑΙ

ΑΘΗΝΑΙ, 17.— Τὸ ὑπουργεῖον Γεωργίας ἐξέδωσεν ἀνακοίνωσιν διὰ τῆς ὁποίας ἐξηγεῖ τὰ αἴτια τῆς ἀνωμάλου ἐμπορίας τῶν γεωμήλων. Ὡς ἀναφέρεται, ἡ φετεινὴ παραγωγὴ ὑπῆρξε κατὰ πολὺ ἀνωτέρα τῆς περυσινῆς, ἡ δὲ ἐξαγωγὴ παρουσιάζει δυσχερείας λόγῳ τῶν χαμηλῶν διεθνῶν τιμῶν. Τὸ ὑπουργεῖον ἀνέθεσεν εἰς τὴν Ἀγροτικὴν Τράπεζαν τὴν ἀγορὰν ποσοτήτων γεωμήλων διὰ τὴν στήριξιν τῶν τιμῶν. Οἱ παραγωγοὶ ὅμως παραπονοῦνται ὅτι μεγάλαι ποσότητες τοῦ προϊόντος σήπονται εἰς τὰς ἀποθήκας, ἐνῷ οἱ καταναλωταὶ πληρώνουν ὑψηλὰς τιμάς. Ἡ Ἀγροτικὴ Τράπεζα θὰ προβῇ εἰς ἀγορὰς ὑπὸ τὴν τιμὴν τῶν 86 λεπτῶν τὴν ὀκᾶν.

Η ΜΕΓΑΛΥΤΕΡΑ ΕΝΑΝΤΙΟΝ ΤΗΣ ΚΥΒΕΡΝΗΣΕΩΣ
ΤΗΣ ΚΕΡΑΛΑ ΔΙΑΔΗΛΩΣΙΣ ΕΓΙΝΕ ΧΘΕΣ
ΣΥΝΘΗΜΑ ΑΥΤΗΣ ΗΤΟ Η ΕΝΕΡΓΕΙΑ ΕΚΛΟΓΩΝ
ΑΝΕΒΛΗΘΗΣΑΝ ΑΙ ΕΚΛΟΓΑΙ

ΤΡΙΒΑΝΤΡΟΥΜ, 16. (Ἀσ. Πρέ.).— Μεγάλη διαδήλωσις, εἰς τὴν ὁποίαν ἔλαβον μέρος περισσότεροι τῶν 100.000 ἀνθρώπων, ἐπραγματοποιήθη χθὲς ἐναντίον τῆς κομμουνιστικῆς κυβερνήσεως τῆς Κεράλα. Οἱ διαδηλωταὶ ἀπῄτησαν τὴν παραίτησιν τῆς κυβερνήσεως καὶ τὴν διενέργειαν νέων ἐκλογῶν. Ἡ ἀστυνομία προέβη εἰς συλλήψεις. Τὴν διαδήλωσιν διωργάνωσαν τὰ κόμματα τῆς ἀντιπολιτεύσεως.

ΜΙΚΡΑΙ ΕΓΧΩΡΙΟΙ ΕΙΔΗΣΕΙΣ ΧΩΡΙΣ ΤΙΤΛΟΝ

Ὁ ἀντιπρόεδρος τοῦ Ἐμπορικοῦ Ἐπιμελητηρίου ἀνεχώρησε διὰ τὸ ἐξωτερικόν. — Τὸ συμβούλιον τῆς Ἑνώσεως Ἐφέδρων Ἀξιωματικῶν ἐξέλεξε νέον προεδρεῖον. — Ἡ Φιλόπτωχος Ἀδελφότης Κυριῶν διέθεσε τρόφιμα εἰς τὰς ἀπόρους οἰκογενείας. — Τὴν προσεχῆ Κυριακὴν θὰ γίνῃ ἡ τελετὴ ἀποφοιτήσεως τῶν μαθητῶν τῆς Ἐμπορικῆς Σχολῆς.

Η ΦΙΛΑΡΜΟΝΙΚΗ ΤΟΥ «ΟΡΦΕΩΣ» ΓΡΕΒΕΝΩΝ
Παρουσία τῶν ἀρχῶν καὶ πλήθους κόσμου, ἡ φιλαρμονικὴ τοῦ «Ὀρφέως» Γρεβενῶν ἔδωσε συναυλίαν εἰς τὴν κεντρικὴν πλατεῖαν τῆς πόλεως. Ἡ φωτογραφία εἰκονίζει τὰ μέλη τῆς φιλαρμονικῆς μετὰ τοῦ μαέστρου κ. Α. Μαυροειδῆ.
